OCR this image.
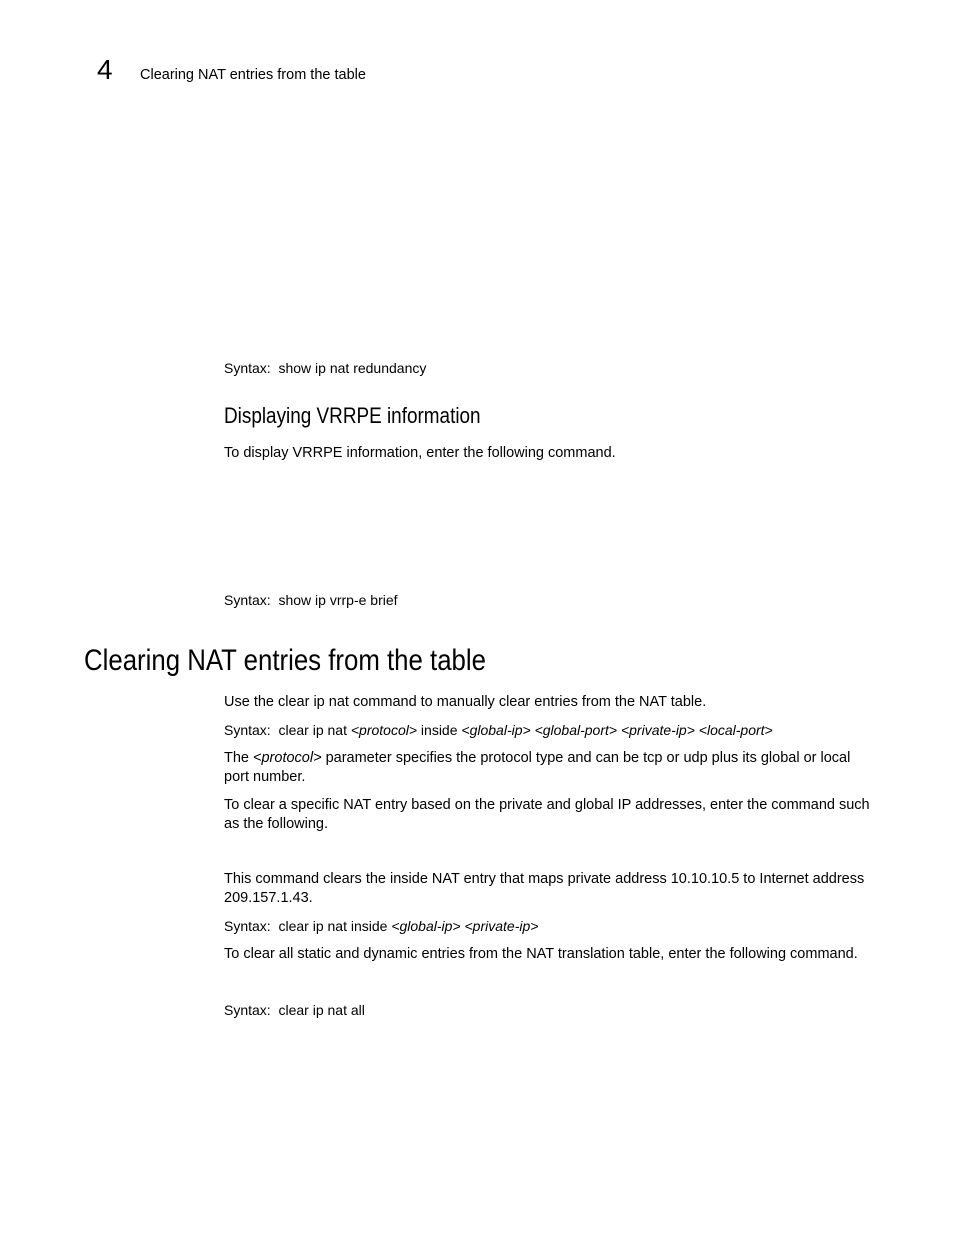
4 Clearing NAT entries from the table
Syntax: show ip nat redundancy
Displaying VRRPE information

To display VRRPE information, enter the following command.

Syntax: show ip vrrp-e brief
Clearing NAT entries from the table

Use the clear ip nat command to manually clear entries from the NAT table.

Syntax: clear ip nat <protocol> inside <global-ip> <global-port> <private-ip> <local-port>

The <protocol> parameter specifies the protocol type and can be tcp or udp plus its global or local port number.

To clear a specific NAT entry based on the private and global IP addresses, enter the command such as the following.

This command clears the inside NAT entry that maps private address 10.10.10.5 to Internet address 209.157.1.43.

Syntax: clear ip nat inside <global-ip> <private-ip>

To clear all static and dynamic entries from the NAT translation table, enter the following command.

Syntax: clear ip nat all
